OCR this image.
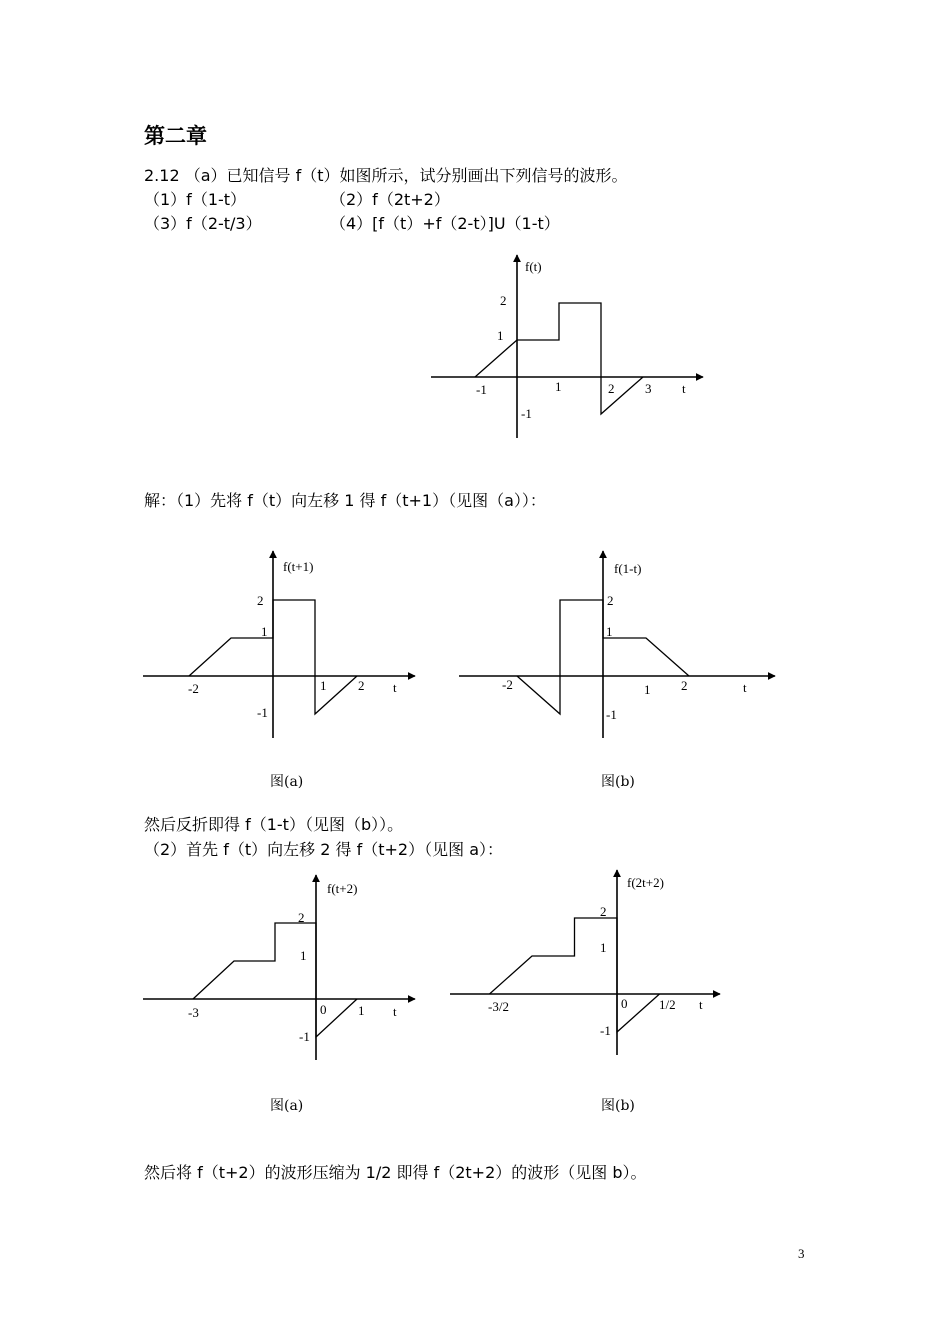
第二章
2.12 （a）已知信号 f（t）如图所示，试分别画出下列信号的波形。
（1）f（1-t）	（2）f（2t+2）
（3）f（2-t/3）	（4）[f（t）+f（2-t）]U（1-t）
f(t)
-1	1	2 3 t
2
1
-1
f(t+1)
-2	1 2 t
2
1
-1
f(1-t)
-2	1 2	t
2
1
-1
f(t+2)
-3	0 1 t
2
1
-1
f(2t+2)
-3/2	0 1/2 t
2
1
-1
解：（1）先将 f（t）向左移 1 得 f（t+1）（见图（a））：
图(a)	图(b)
然后反折即得 f（1-t）（见图（b））。
（2）首先 f（t）向左移 2 得 f（t+2）（见图 a）：
图(a)	图(b)
然后将 f（t+2）的波形压缩为 1/2 即得 f（2t+2）的波形（见图 b）。
3
